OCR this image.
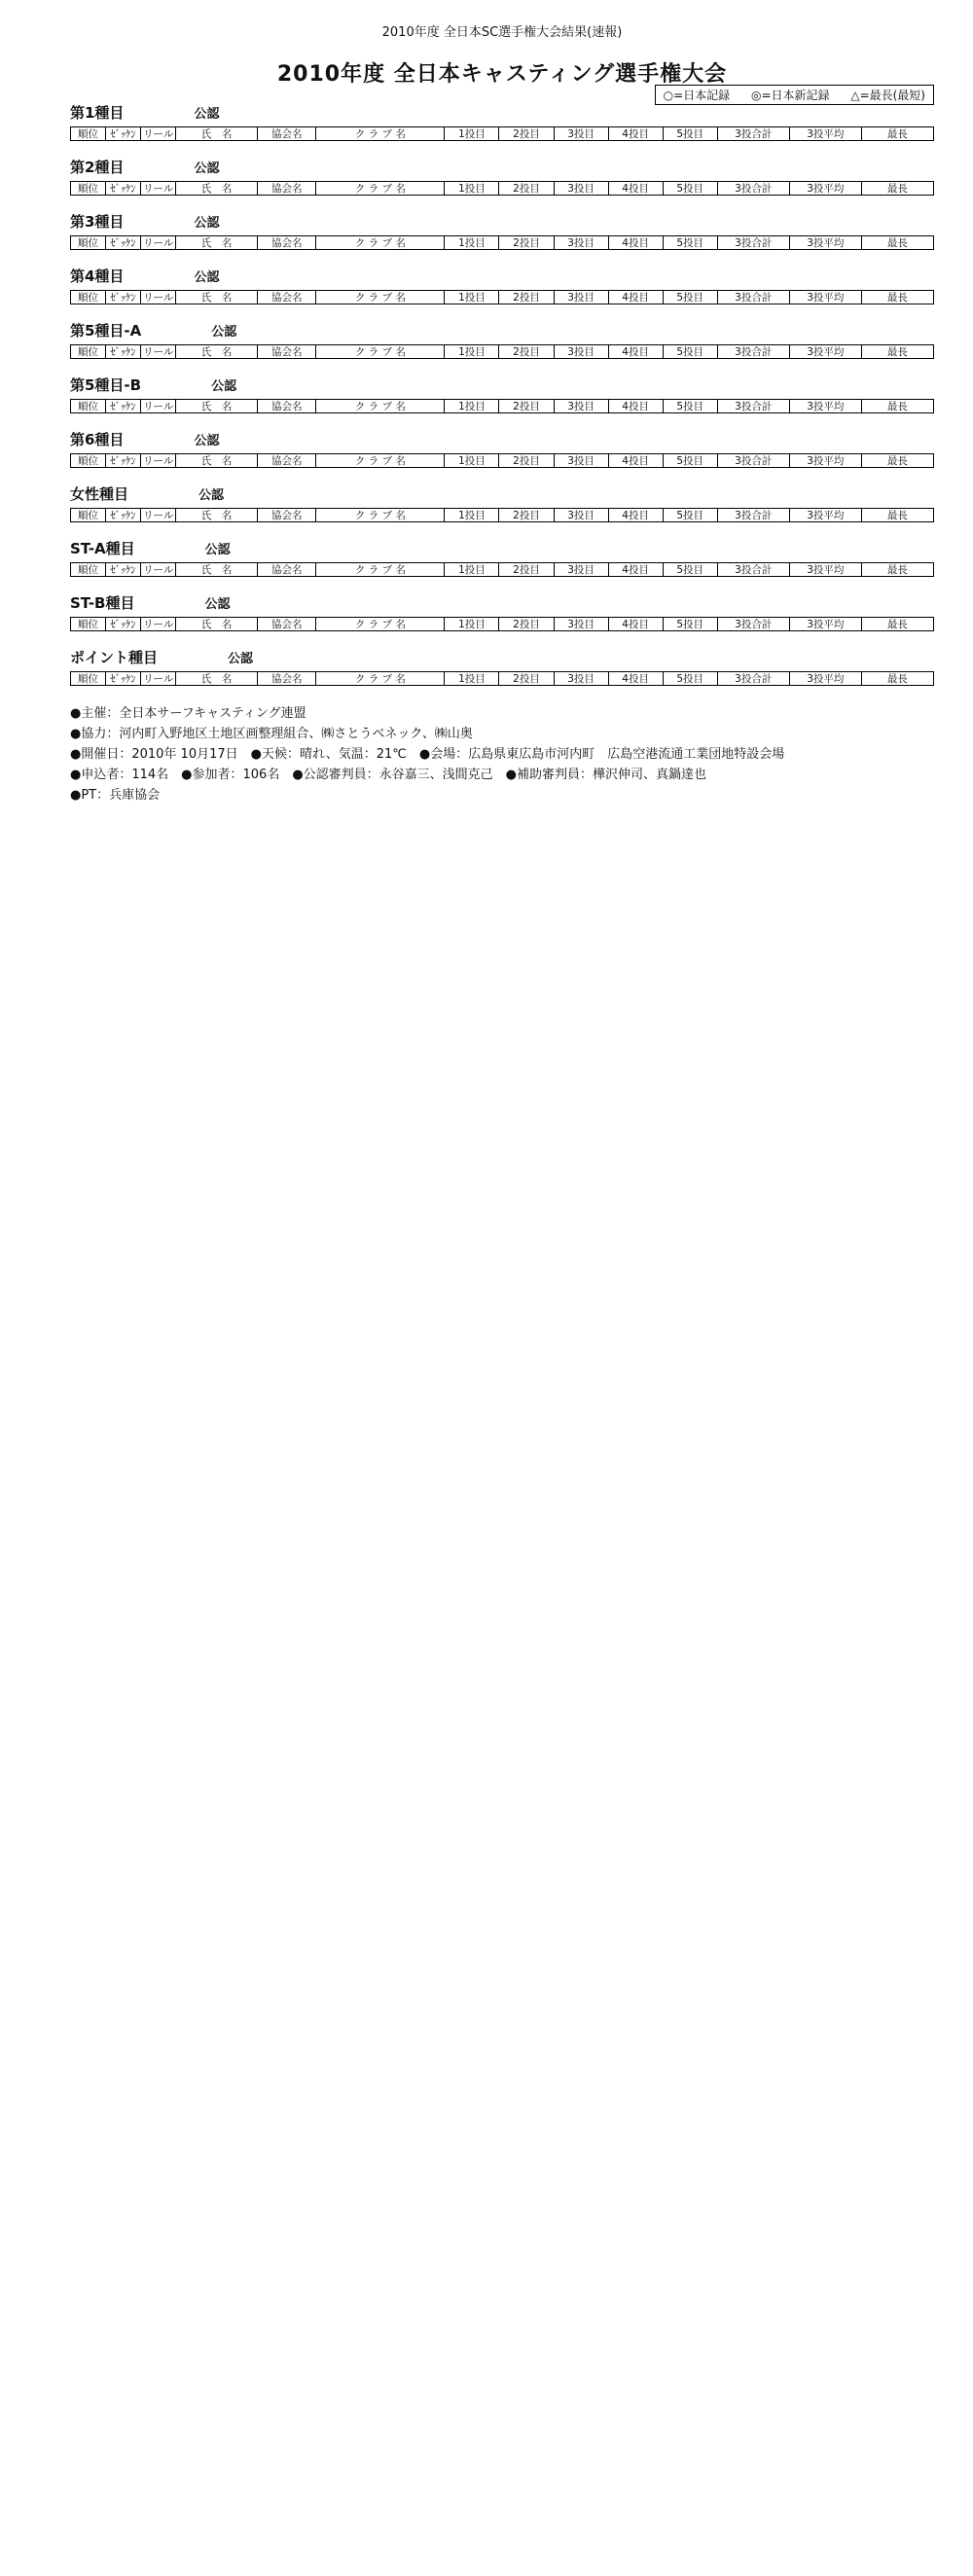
2010年度 全日本SC選手権大会結果(速報)
2010年度 全日本キャスティング選手権大会
○=日本記録 ◎=日本新記録 △=最長(最短)
第1種目	公認
順位	ｾﾞｯｹﾝ	リール	氏　名	協会名	ク ラ ブ 名	1投目	2投目	3投目	4投目	5投目	3投合計	3投平均	最長
第2種目	公認
順位	ｾﾞｯｹﾝ	リール	氏　名	協会名	ク ラ ブ 名	1投目	2投目	3投目	4投目	5投目	3投合計	3投平均	最長
第3種目	公認
順位	ｾﾞｯｹﾝ	リール	氏　名	協会名	ク ラ ブ 名	1投目	2投目	3投目	4投目	5投目	3投合計	3投平均	最長
第4種目	公認
順位	ｾﾞｯｹﾝ	リール	氏　名	協会名	ク ラ ブ 名	1投目	2投目	3投目	4投目	5投目	3投合計	3投平均	最長
第5種目-A	公認
順位	ｾﾞｯｹﾝ	リール	氏　名	協会名	ク ラ ブ 名	1投目	2投目	3投目	4投目	5投目	3投合計	3投平均	最長
第5種目-B	公認
順位	ｾﾞｯｹﾝ	リール	氏　名	協会名	ク ラ ブ 名	1投目	2投目	3投目	4投目	5投目	3投合計	3投平均	最長
第6種目	公認
順位	ｾﾞｯｹﾝ	リール	氏　名	協会名	ク ラ ブ 名	1投目	2投目	3投目	4投目	5投目	3投合計	3投平均	最長
女性種目	公認
順位	ｾﾞｯｹﾝ	リール	氏　名	協会名	ク ラ ブ 名	1投目	2投目	3投目	4投目	5投目	3投合計	3投平均	最長
ST-A種目	公認
順位	ｾﾞｯｹﾝ	リール	氏　名	協会名	ク ラ ブ 名	1投目	2投目	3投目	4投目	5投目	3投合計	3投平均	最長
ST-B種目	公認
順位	ｾﾞｯｹﾝ	リール	氏　名	協会名	ク ラ ブ 名	1投目	2投目	3投目	4投目	5投目	3投合計	3投平均	最長
ポイント種目	公認
順位	ｾﾞｯｹﾝ	リール	氏　名	協会名	ク ラ ブ 名	1投目	2投目	3投目	4投目	5投目	3投合計	3投平均	最長
●主催：全日本サーフキャスティング連盟
●協力：河内町入野地区土地区画整理組合、㈱さとうベネック、㈱山奥
●開催日：2010年 10月17日　●天候：晴れ、気温：21℃　●会場：広島県東広島市河内町　広島空港流通工業団地特設会場
●申込者：114名　●参加者：106名　●公認審判員：永谷嘉三、浅間克己　●補助審判員：樺沢伸司、真鍋達也
●PT：兵庫協会
